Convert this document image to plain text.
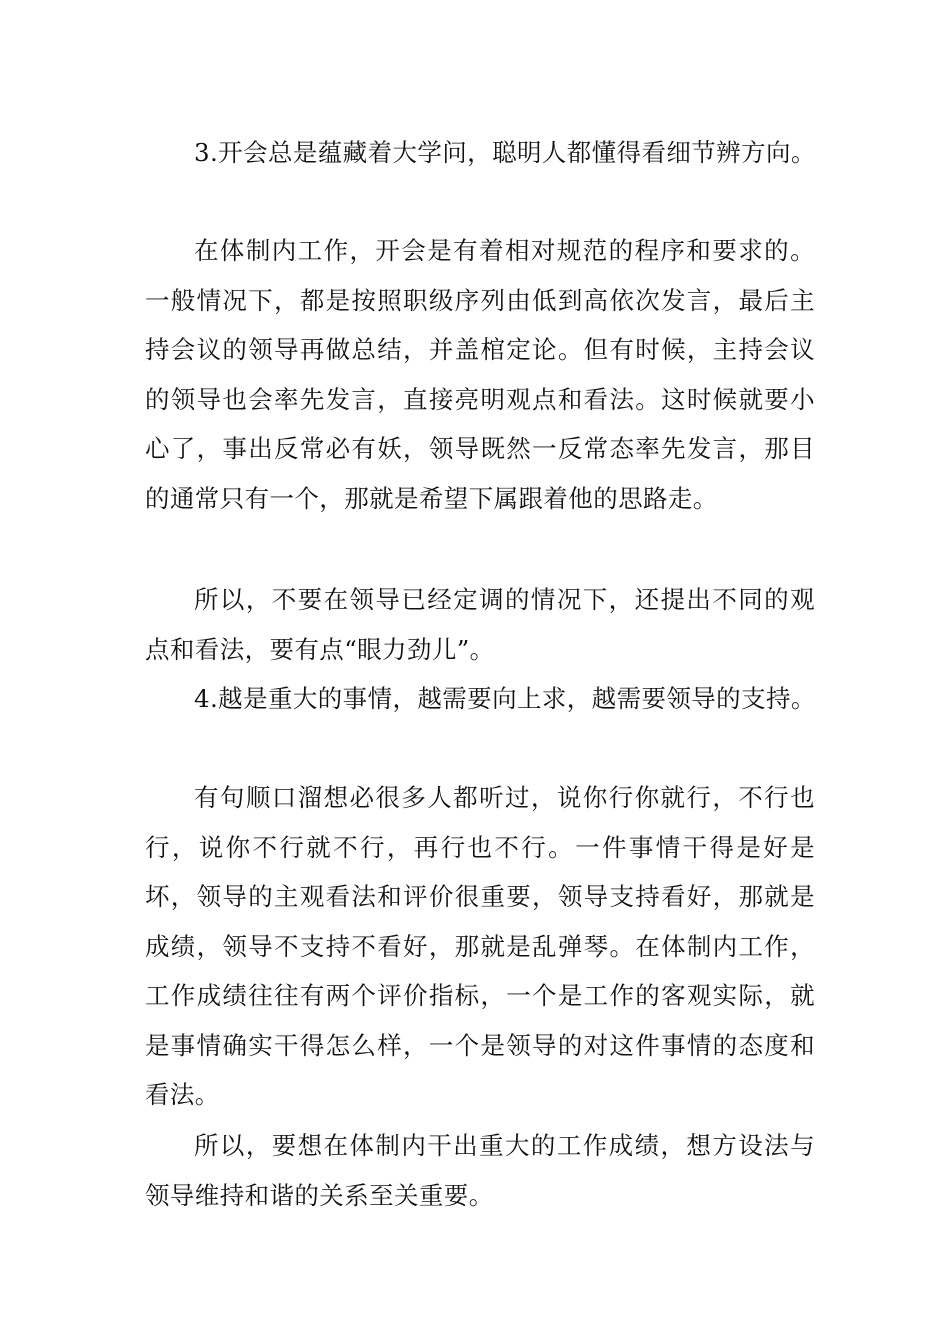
3.开会总是蕴藏着大学问，聪明人都懂得看细节辨方向。

在体制内工作，开会是有着相对规范的程序和要求的。一般情况下，都是按照职级序列由低到高依次发言，最后主持会议的领导再做总结，并盖棺定论。但有时候，主持会议的领导也会率先发言，直接亮明观点和看法。这时候就要小心了，事出反常必有妖，领导既然一反常态率先发言，那目的通常只有一个，那就是希望下属跟着他的思路走。

所以，不要在领导已经定调的情况下，还提出不同的观点和看法，要有点“眼力劲儿”。

4.越是重大的事情，越需要向上求，越需要领导的支持。

有句顺口溜想必很多人都听过，说你行你就行，不行也行，说你不行就不行，再行也不行。一件事情干得是好是坏，领导的主观看法和评价很重要，领导支持看好，那就是成绩，领导不支持不看好，那就是乱弹琴。在体制内工作，工作成绩往往有两个评价指标，一个是工作的客观实际，就是事情确实干得怎么样，一个是领导的对这件事情的态度和看法。

所以，要想在体制内干出重大的工作成绩，想方设法与领导维持和谐的关系至关重要。
